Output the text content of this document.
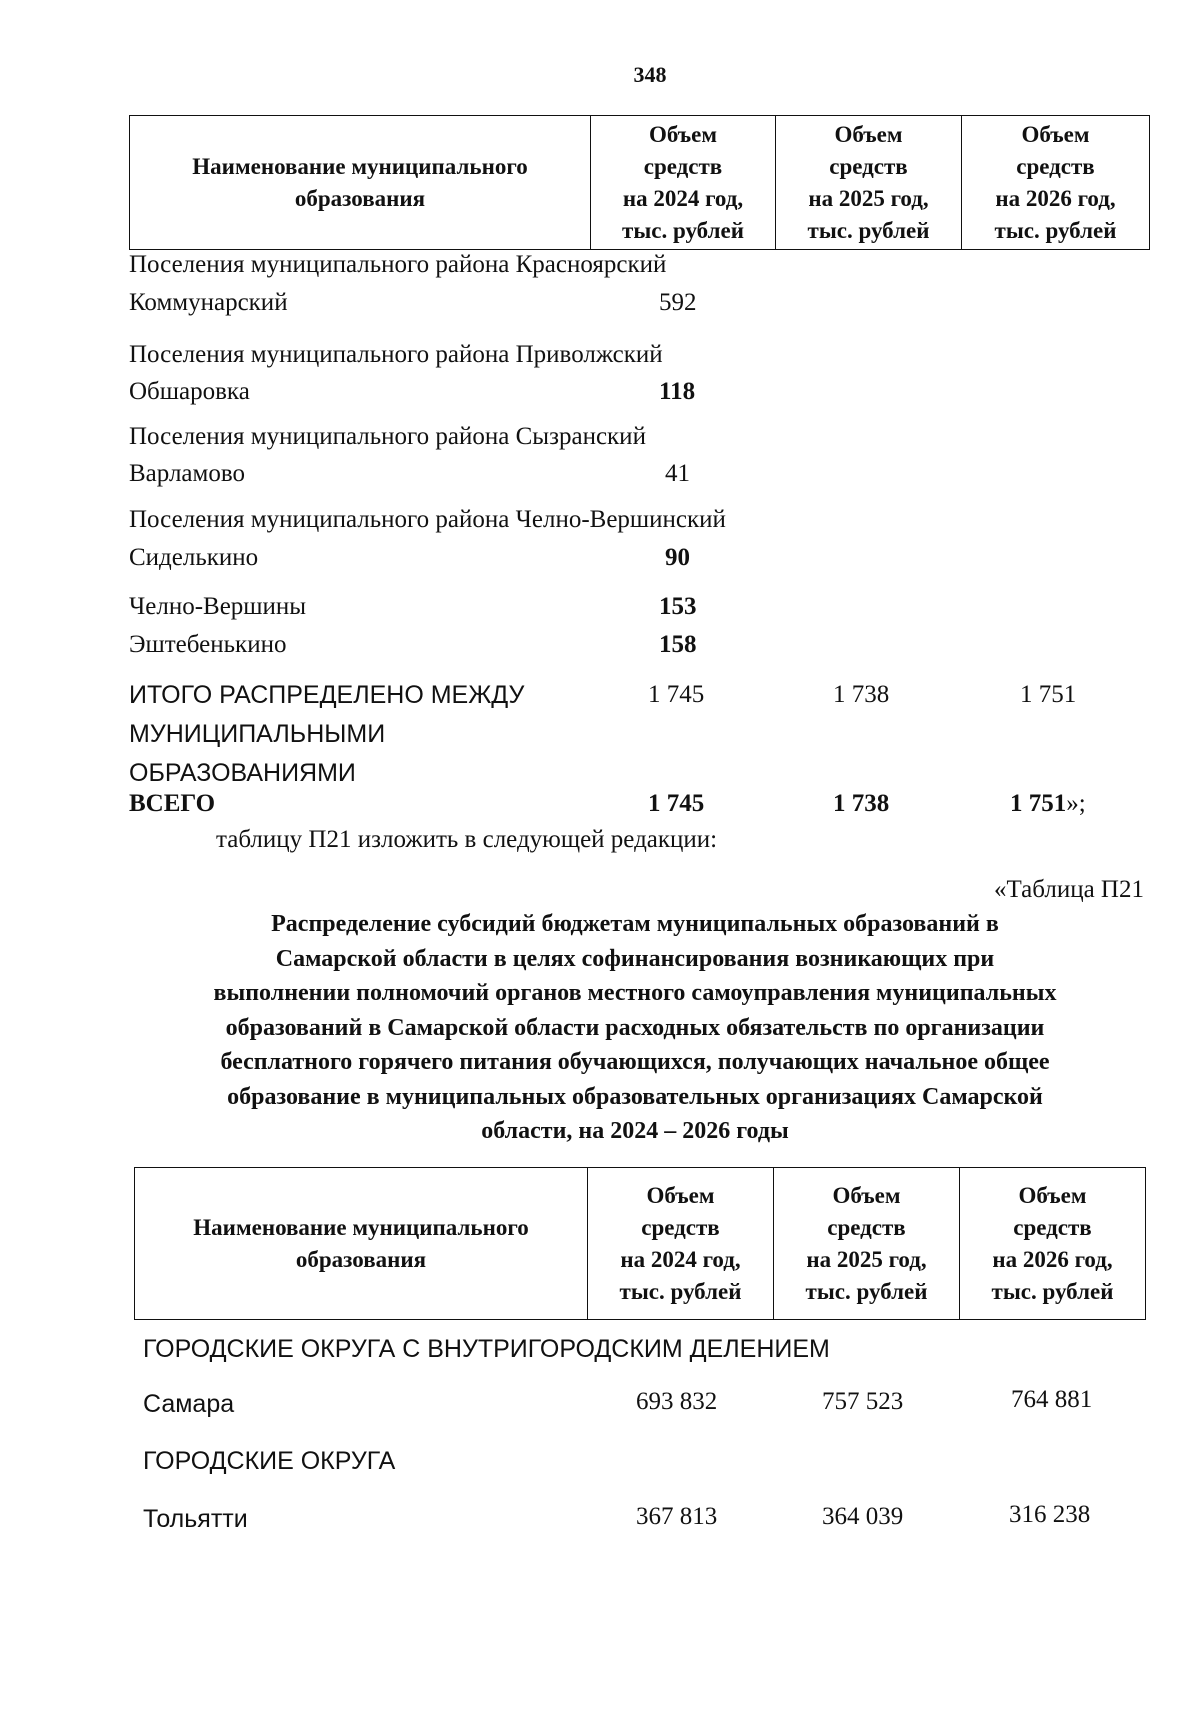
348
Наименование муниципального образования	Объем
средств
на 2024 год,
тыс. рублей	Объем
средств
на 2025 год,
тыс. рублей	Объем
средств
на 2026 год,
тыс. рублей
Поселения муниципального района Красноярский
Коммунарский	592
Поселения муниципального района Приволжский
Обшаровка	118
Поселения муниципального района Сызранский
Варламово	41
Поселения муниципального района Челно-Вершинский
Сиделькино	90
Челно-Вершины	153
Эштебенькино	158
ИТОГО РАСПРЕДЕЛЕНО МЕЖДУ
МУНИЦИПАЛЬНЫМИ
ОБРАЗОВАНИЯМИ
1 745	1 738	1 751
ВСЕГО	1 745	1 738	1 751»;
таблицу П21 изложить в следующей редакции:
«Таблица П21
Распределение субсидий бюджетам муниципальных образований в
Самарской области в целях софинансирования возникающих при
выполнении полномочий органов местного самоуправления муниципальных
образований в Самарской области расходных обязательств по организации
бесплатного горячего питания обучающихся, получающих начальное общее
образование в муниципальных образовательных организациях Самарской
области, на 2024 – 2026 годы
Наименование муниципального образования	Объем
средств
на 2024 год,
тыс. рублей	Объем
средств
на 2025 год,
тыс. рублей	Объем
средств
на 2026 год,
тыс. рублей
ГОРОДСКИЕ ОКРУГА С ВНУТРИГОРОДСКИМ ДЕЛЕНИЕМ
Самара	693 832	757 523	764 881
ГОРОДСКИЕ ОКРУГА
Тольятти	367 813	364 039	316 238
